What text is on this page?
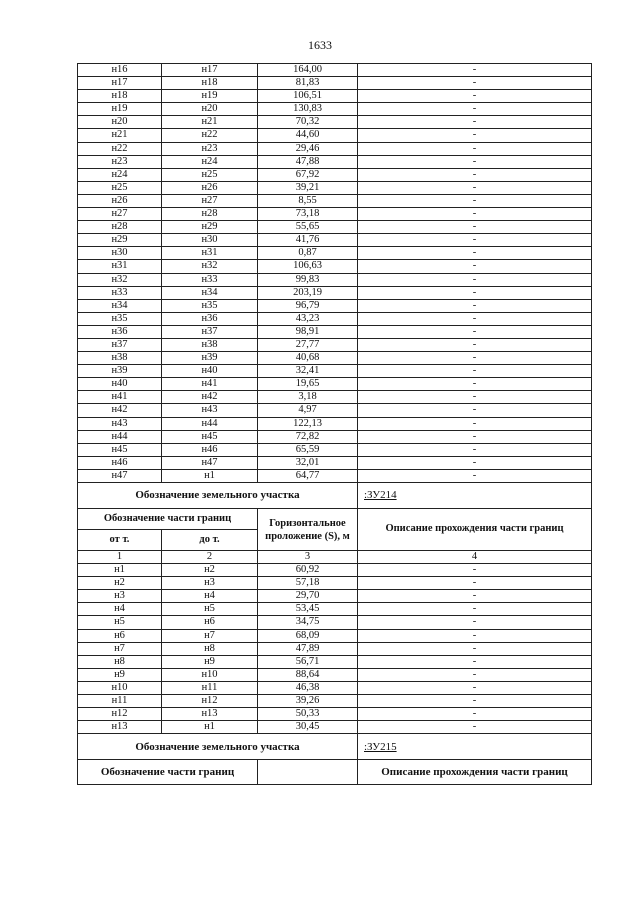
1633
н16	н17	164,00	-
н17	н18	81,83	-
н18	н19	106,51	-
н19	н20	130,83	-
н20	н21	70,32	-
н21	н22	44,60	-
н22	н23	29,46	-
н23	н24	47,88	-
н24	н25	67,92	-
н25	н26	39,21	-
н26	н27	8,55	-
н27	н28	73,18	-
н28	н29	55,65	-
н29	н30	41,76	-
н30	н31	0,87	-
н31	н32	106,63	-
н32	н33	99,83	-
н33	н34	203,19	-
н34	н35	96,79	-
н35	н36	43,23	-
н36	н37	98,91	-
н37	н38	27,77	-
н38	н39	40,68	-
н39	н40	32,41	-
н40	н41	19,65	-
н41	н42	3,18	-
н42	н43	4,97	-
н43	н44	122,13	-
н44	н45	72,82	-
н45	н46	65,59	-
н46	н47	32,01	-
н47	н1	64,77	-
Обозначение земельного участка			:ЗУ214
Обозначение части границ		Горизонтальное проложение (S), м	Описание прохождения части границ
от т.	до т.		
1	2	3	4
н1	н2	60,92	-
н2	н3	57,18	-
н3	н4	29,70	-
н4	н5	53,45	-
н5	н6	34,75	-
н6	н7	68,09	-
н7	н8	47,89	-
н8	н9	56,71	-
н9	н10	88,64	-
н10	н11	46,38	-
н11	н12	39,26	-
н12	н13	50,33	-
н13	н1	30,45	-
Обозначение земельного участка			:ЗУ215
Обозначение части границ			Описание прохождения части границ
